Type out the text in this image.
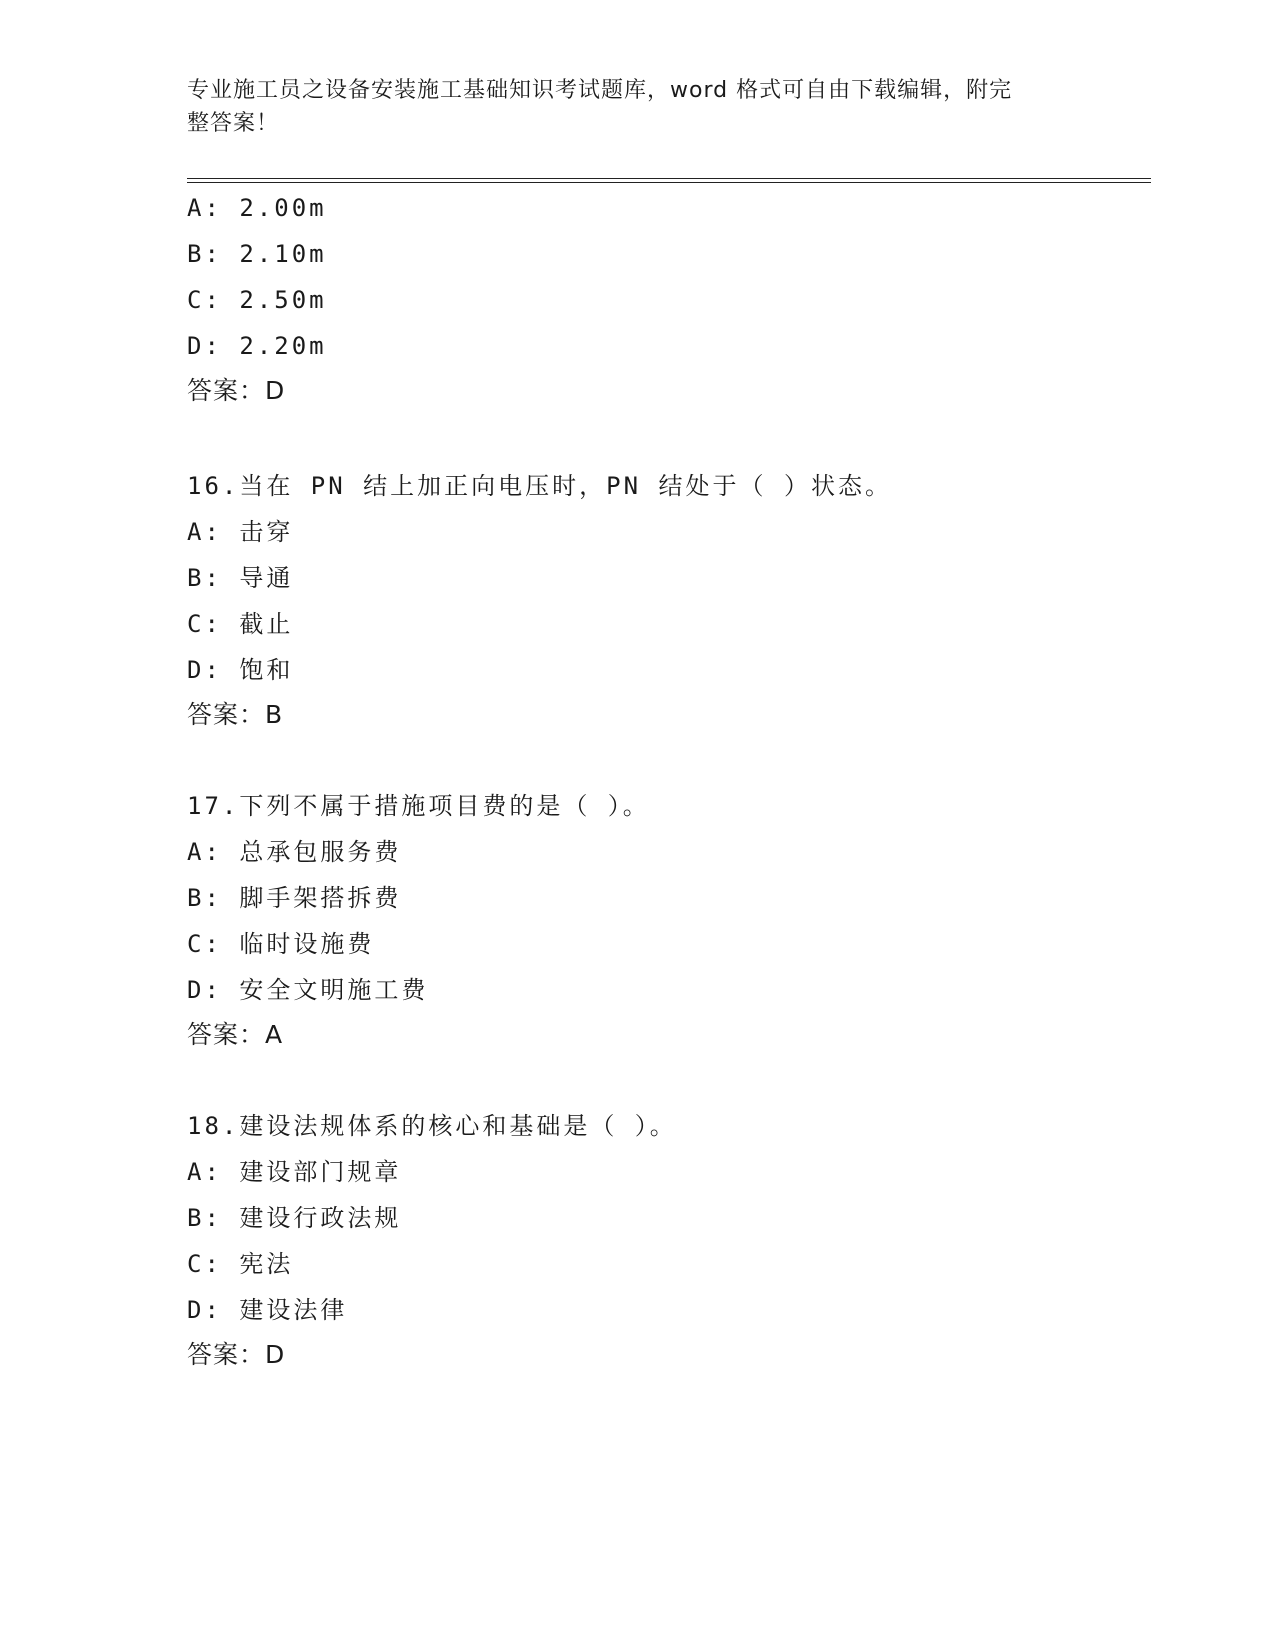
专业施工员之设备安装施工基础知识考试题库，word 格式可自由下载编辑，附完
整答案！
A: 2.00m
B: 2.10m
C: 2.50m
D: 2.20m
答案：D
16.当在 PN 结上加正向电压时，PN 结处于（ ）状态。
A: 击穿
B: 导通
C: 截止
D: 饱和
答案：B
17.下列不属于措施项目费的是（ ）。
A: 总承包服务费
B: 脚手架搭拆费
C: 临时设施费
D: 安全文明施工费
答案：A
18.建设法规体系的核心和基础是（ ）。
A: 建设部门规章
B: 建设行政法规
C: 宪法
D: 建设法律
答案：D
